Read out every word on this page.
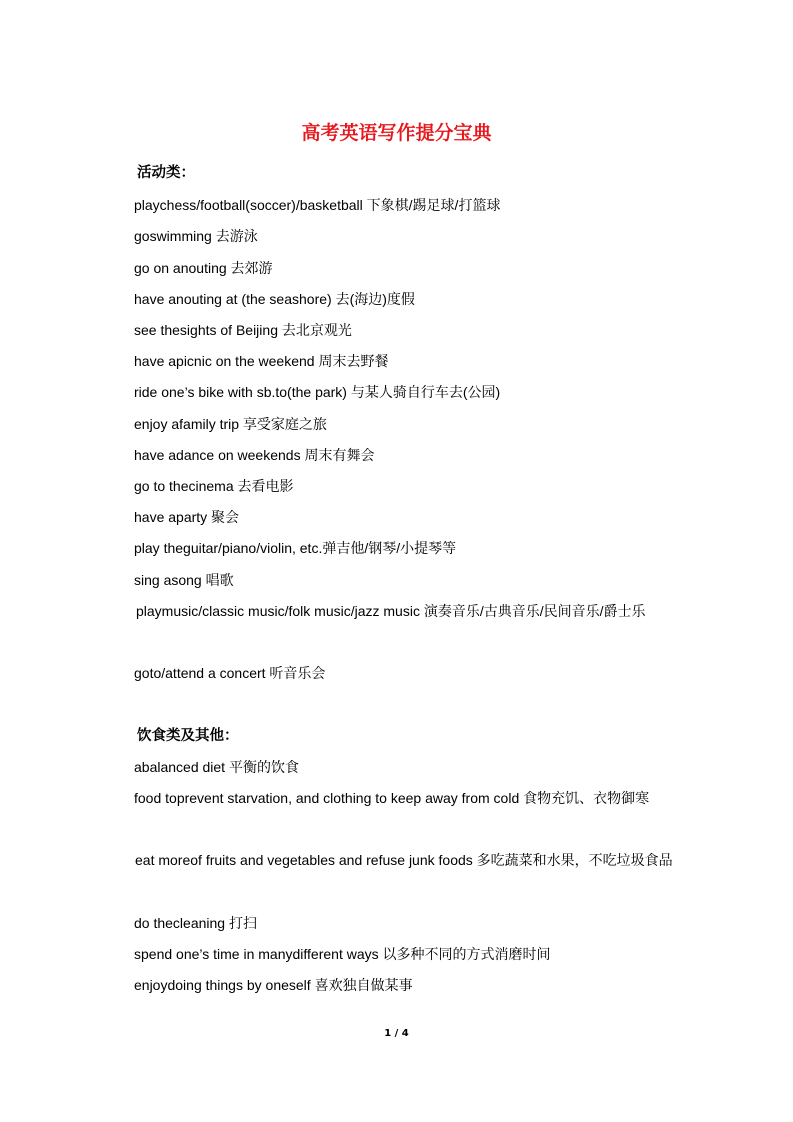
高考英语写作提分宝典
活动类：
playchess/football(soccer)/basketball 下象棋/踢足球/打篮球
goswimming 去游泳
go on anouting 去郊游
have anouting at (the seashore) 去(海边)度假
see thesights of Beijing 去北京观光
have apicnic on the weekend 周末去野餐
ride one’s bike with sb.to(the park) 与某人骑自行车去(公园)
enjoy afamily trip 享受家庭之旅
have adance on weekends 周末有舞会
go to thecinema 去看电影
have aparty 聚会
play theguitar/piano/violin, etc.弹吉他/钢琴/小提琴等
sing asong 唱歌
playmusic/classic music/folk music/jazz music 演奏音乐/古典音乐/民间音乐/爵士乐
goto/attend a concert 听音乐会
饮食类及其他：
abalanced diet 平衡的饮食
food toprevent starvation, and clothing to keep away from cold 食物充饥、衣物御寒
eat moreof fruits and vegetables and refuse junk foods 多吃蔬菜和水果，不吃垃圾食品
do thecleaning 打扫
spend one’s time in manydifferent ways 以多种不同的方式消磨时间
enjoydoing things by oneself 喜欢独自做某事
1 / 4
